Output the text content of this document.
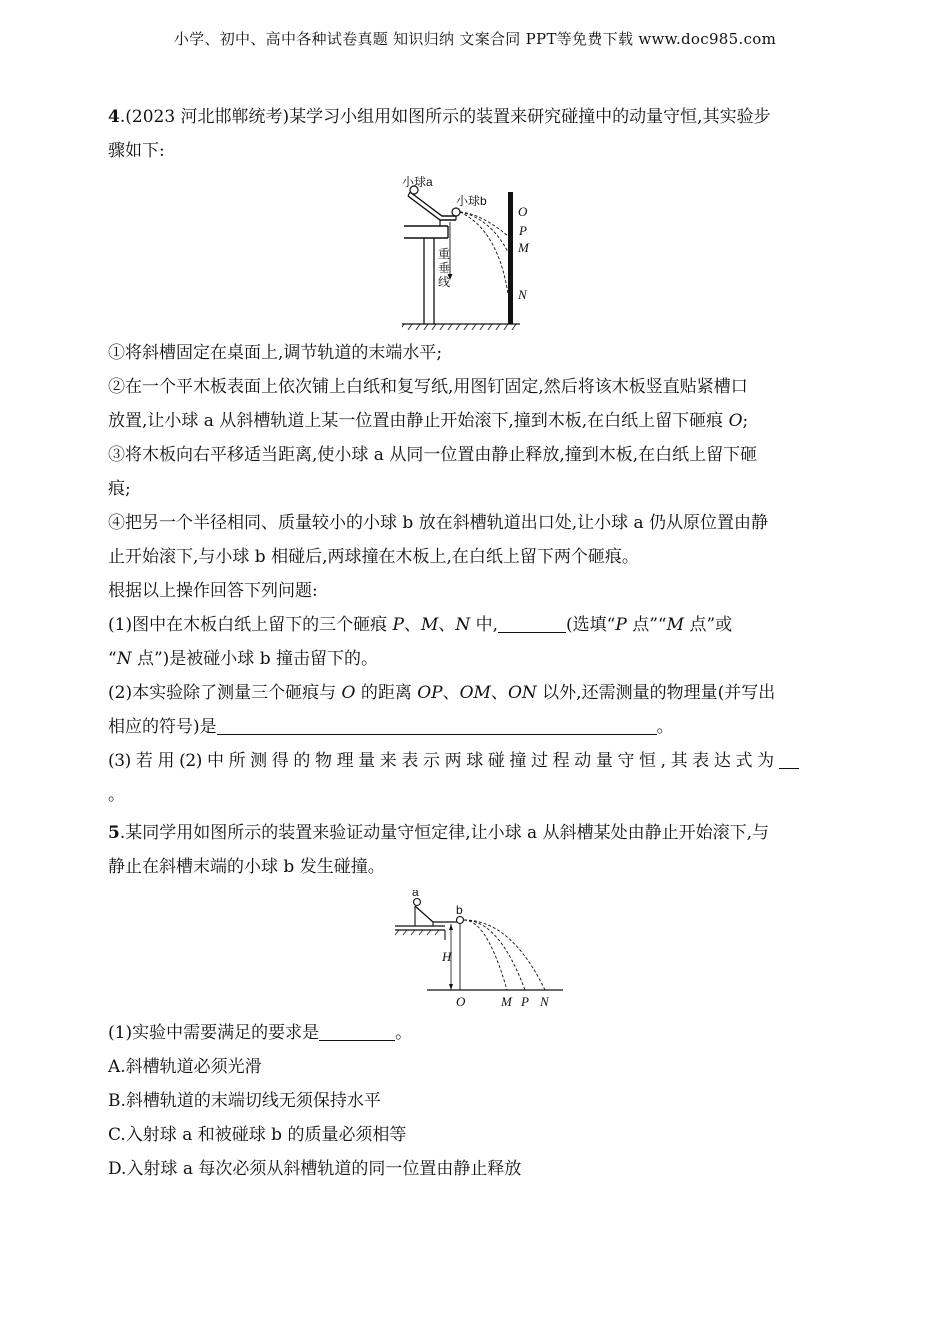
小学、初中、高中各种试卷真题 知识归纳 文案合同 PPT等免费下载 www.doc985.com

4.(2023 河北邯郸统考)某学习小组用如图所示的装置来研究碰撞中的动量守恒,其实验步

骤如下:

小球a
小球b
O
P
M
N
重
垂
线

①将斜槽固定在桌面上,调节轨道的末端水平;

②在一个平木板表面上依次铺上白纸和复写纸,用图钉固定,然后将该木板竖直贴紧槽口

放置,让小球 a 从斜槽轨道上某一位置由静止开始滚下,撞到木板,在白纸上留下砸痕 O;

③将木板向右平移适当距离,使小球 a 从同一位置由静止释放,撞到木板,在白纸上留下砸

痕;

④把另一个半径相同、质量较小的小球 b 放在斜槽轨道出口处,让小球 a 仍从原位置由静

止开始滚下,与小球 b 相碰后,两球撞在木板上,在白纸上留下两个砸痕。

根据以上操作回答下列问题:

(1)图中在木板白纸上留下的三个砸痕 P、M、N 中,	(选填“P 点”“M 点”或

“N 点”)是被碰小球 b 撞击留下的。

(2)本实验除了测量三个砸痕与 O 的距离 OP、OM、ON 以外,还需测量的物理量(并写出

相应的符号)是	。

(3) 若 用 (2) 中 所 测 得 的 物 理 量 来 表 示 两 球 碰 撞 过 程 动 量 守 恒 , 其 表 达 式 为

。

5.某同学用如图所示的装置来验证动量守恒定律,让小球 a 从斜槽某处由静止开始滚下,与

静止在斜槽末端的小球 b 发生碰撞。

a
b
H
O	M P N

(1)实验中需要满足的要求是	。

A.斜槽轨道必须光滑

B.斜槽轨道的末端切线无须保持水平

C.入射球 a 和被碰球 b 的质量必须相等

D.入射球 a 每次必须从斜槽轨道的同一位置由静止释放
